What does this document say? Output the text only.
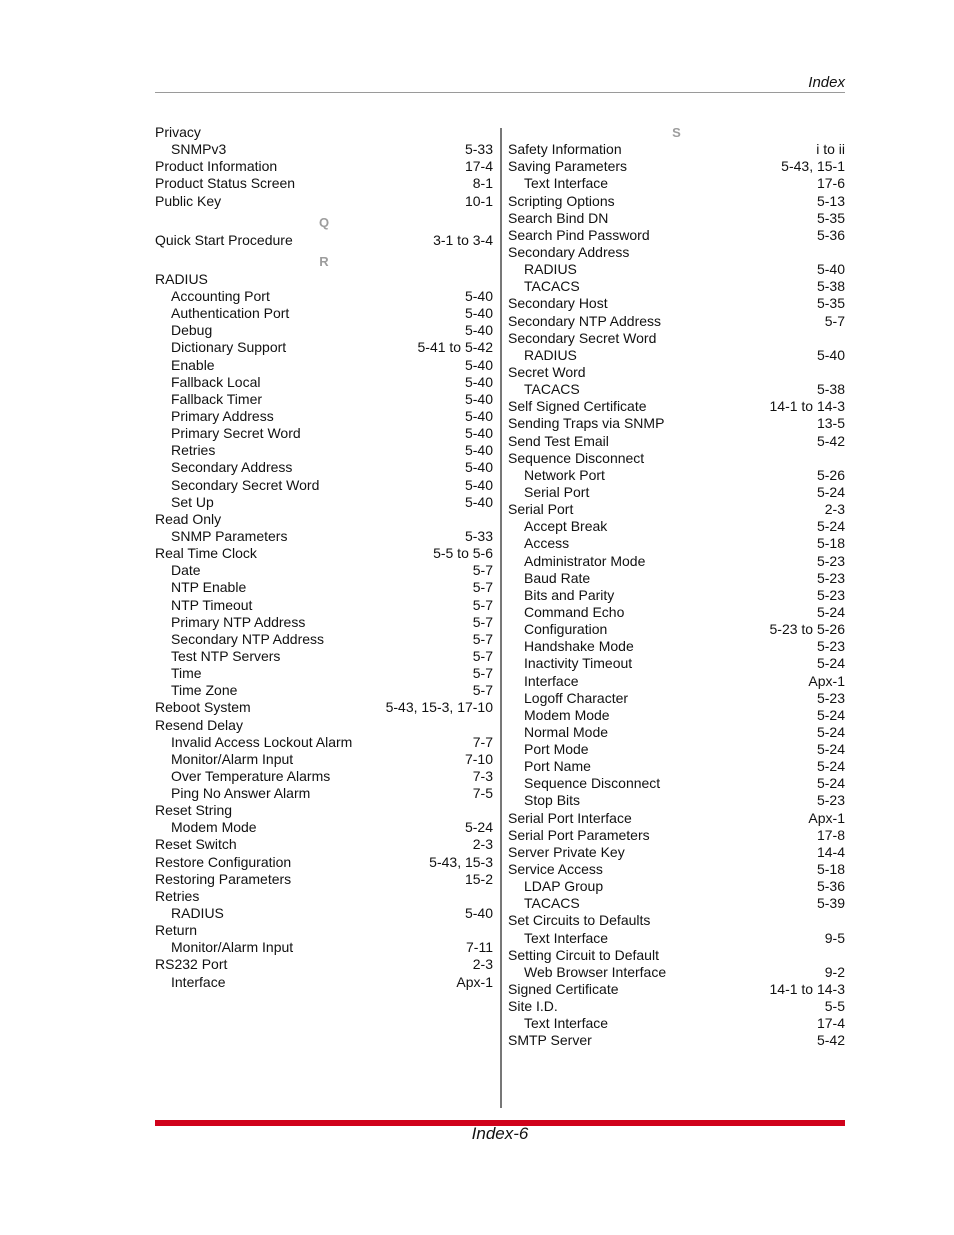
Index
Privacy
SNMPv3	5-33
Product Information	17-4
Product Status Screen	8-1
Public Key	10-1
Q
Quick Start Procedure	3-1 to 3-4
R
RADIUS
Accounting Port	5-40
Authentication Port	5-40
Debug	5-40
Dictionary Support	5-41 to 5-42
Enable	5-40
Fallback Local	5-40
Fallback Timer	5-40
Primary Address	5-40
Primary Secret Word	5-40
Retries	5-40
Secondary Address	5-40
Secondary Secret Word	5-40
Set Up	5-40
Read Only
SNMP Parameters	5-33
Real Time Clock	5-5 to 5-6
Date	5-7
NTP Enable	5-7
NTP Timeout	5-7
Primary NTP Address	5-7
Secondary NTP Address	5-7
Test NTP Servers	5-7
Time	5-7
Time Zone	5-7
Reboot System	5-43, 15-3, 17-10
Resend Delay
Invalid Access Lockout Alarm	7-7
Monitor/Alarm Input	7-10
Over Temperature Alarms	7-3
Ping No Answer Alarm	7-5
Reset String
Modem Mode	5-24
Reset Switch	2-3
Restore Configuration	5-43, 15-3
Restoring Parameters	15-2
Retries
RADIUS	5-40
Return
Monitor/Alarm Input	7-11
RS232 Port	2-3
Interface	Apx-1
S
Safety Information	i to ii
Saving Parameters	5-43, 15-1
Text Interface	17-6
Scripting Options	5-13
Search Bind DN	5-35
Search Pind Password	5-36
Secondary Address
RADIUS	5-40
TACACS	5-38
Secondary Host	5-35
Secondary NTP Address	5-7
Secondary Secret Word
RADIUS	5-40
Secret Word
TACACS	5-38
Self Signed Certificate	14-1 to 14-3
Sending Traps via SNMP	13-5
Send Test Email	5-42
Sequence Disconnect
Network Port	5-26
Serial Port	5-24
Serial Port	2-3
Accept Break	5-24
Access	5-18
Administrator Mode	5-23
Baud Rate	5-23
Bits and Parity	5-23
Command Echo	5-24
Configuration	5-23 to 5-26
Handshake Mode	5-23
Inactivity Timeout	5-24
Interface	Apx-1
Logoff Character	5-23
Modem Mode	5-24
Normal Mode	5-24
Port Mode	5-24
Port Name	5-24
Sequence Disconnect	5-24
Stop Bits	5-23
Serial Port Interface	Apx-1
Serial Port Parameters	17-8
Server Private Key	14-4
Service Access	5-18
LDAP Group	5-36
TACACS	5-39
Set Circuits to Defaults
Text Interface	9-5
Setting Circuit to Default
Web Browser Interface	9-2
Signed Certificate	14-1 to 14-3
Site I.D.	5-5
Text Interface	17-4
SMTP Server	5-42
Index-6
